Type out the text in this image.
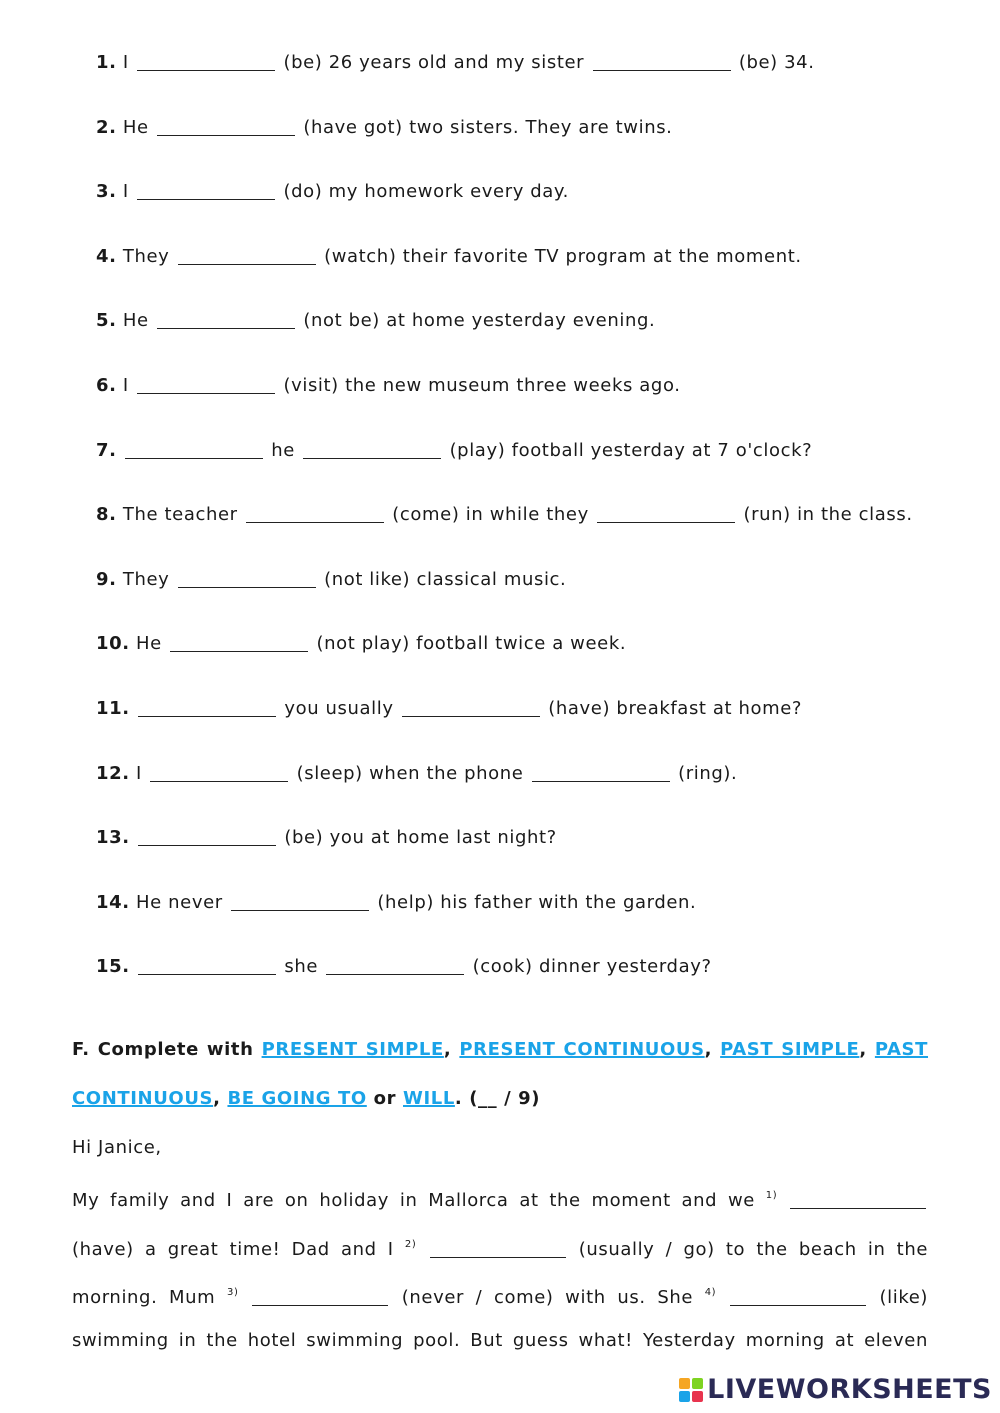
1. I	(be) 26 years old and my sister	(be) 34.
2. He	(have got) two sisters. They are twins.
3. I	(do) my homework every day.
4. They	(watch) their favorite TV program at the moment.
5. He	(not be) at home yesterday evening.
6. I	(visit) the new museum three weeks ago.
7.	he	(play) football yesterday at 7 o'clock?
8. The teacher	(come) in while they	(run) in the class.
9. They	(not like) classical music.
10. He	(not play) football twice a week.
11.	you usually	(have) breakfast at home?
12. I	(sleep) when the phone	(ring).
13.	(be) you at home last night?
14. He never	(help) his father with the garden.
15.	she	(cook) dinner yesterday?
F. Complete with PRESENT SIMPLE, PRESENT CONTINUOUS, PAST SIMPLE, PAST CONTINUOUS, BE GOING TO or WILL. (__ / 9)
Hi Janice,
My family and I are on holiday in Mallorca at the moment and we $^{1)}$
(have) a great time! Dad and I $^{2)}$	(usually / go) to the beach in the
morning. Mum $^{3)}$	(never / come) with us. She $^{4)}$	(like)
swimming in the hotel swimming pool. But guess what! Yesterday morning at eleven
LIVEWORKSHEETS
